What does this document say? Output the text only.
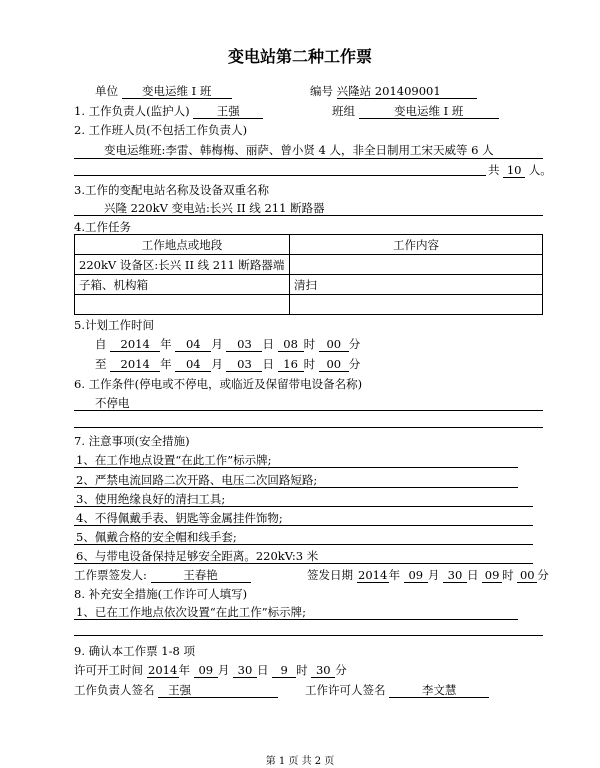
变电站第二种工作票
单位 变电运维 I 班	编号 兴隆站 201409001
1. 工作负责人(监护人) 王强	班组	变电运维 I 班
2. 工作班人员(不包括工作负责人)
变电运维班:李雷、韩梅梅、丽萨、曾小贤 4 人，非全日制用工宋天威等 6 人
共 10 人。
3.工作的变配电站名称及设备双重名称
兴隆 220kV 变电站:长兴 II 线 211 断路器
4.工作任务
工作地点或地段	工作内容
220kV 设备区:长兴 II 线 211 断路器端	
子箱、机构箱	清扫

5.计划工作时间
自 2014 年 04 月 03 日 08 时 00 分
至 2014 年 04 月 03 日 16 时 00 分
6. 工作条件(停电或不停电，或临近及保留带电设备名称)
不停电
7. 注意事项(安全措施)
1、在工作地点设置“在此工作”标示牌;
2、严禁电流回路二次开路、电压二次回路短路;
3、使用绝缘良好的清扫工具;
4、不得佩戴手表、钥匙等金属挂件饰物;
5、佩戴合格的安全帽和线手套;
6、与带电设备保持足够安全距离。220kV:3 米
工作票签发人:	王春艳	签发日期 2014年 09 月 30 日 09 时 00 分
8. 补充安全措施(工作许可人填写)
1、已在工作地点依次设置“在此工作”标示牌;
9. 确认本工作票 1-8 项
许可开工时间 2014年 09 月 30 日 9 时 30 分
工作负责人签名 王强	工作许可人签名	李文慧
第 1 页 共 2 页
